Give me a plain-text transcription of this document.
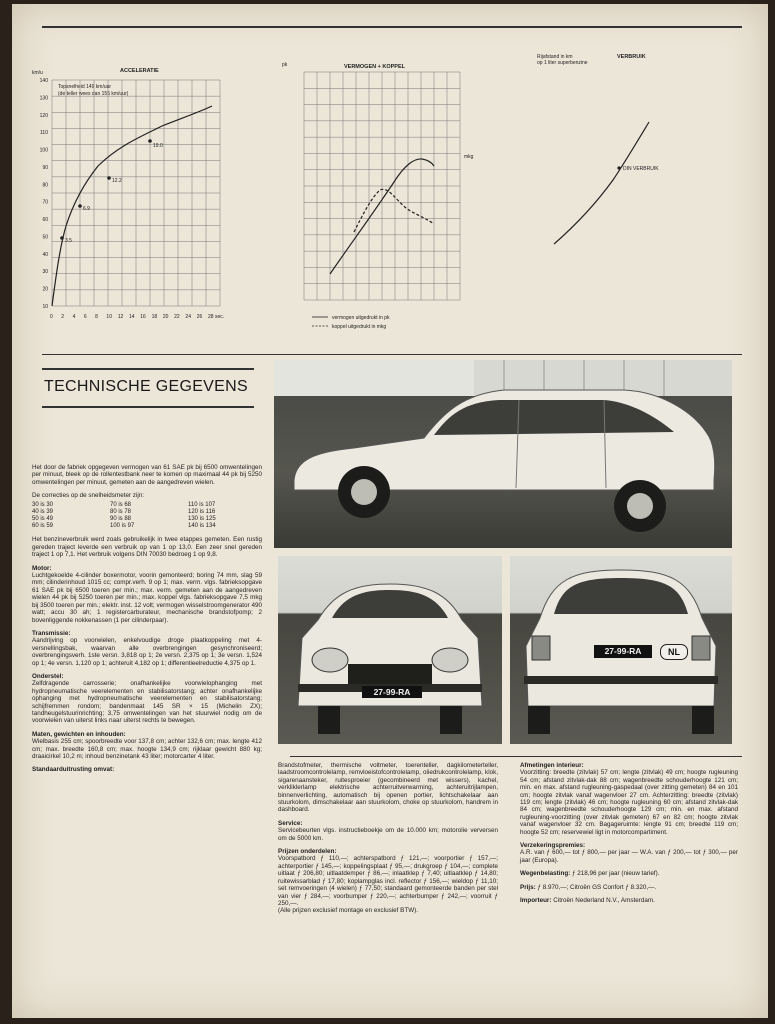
ACCELERATIE
km/u
Topsnelheid 149 km/uur
(de teller wees dan 155 km/uur)
140
130
120
110
100
90
80
70
60
50
40
30
20
10
0 2 4 6 8 10 12 14 16 18 20 22 24 26 28 sec.
3.5
6.9
12.2
19.0
VERMOGEN + KOPPEL
pk
mkg
vermogen uitgedrukt in pk
koppel uitgedrukt in mkg
Rijafstand in km
op 1 liter superbenzine
VERBRUIK
DIN VERBRUIK
TECHNISCHE GEGEVENS

Het door de fabriek opgegeven vermogen van 61 SAE pk bij 6500 omwentelingen per minuut, bleek op de rollentestbank neer te komen op maximaal 44 pk bij 5250 omwentelingen per minuut, gemeten aan de aangedreven wielen.

De correcties op de snelheidsmeter zijn:

30 is 30	70 is 68	110 is 107
40 is 39	80 is 78	120 is 116
50 is 49	90 is 88	130 is 125
60 is 59	100 is 97	140 is 134

Het benzineverbruik werd zoals gebruikelijk in twee etappes gemeten. Een rustig gereden traject leverde een verbruik op van 1 op 13,0. Een zeer snel gereden traject 1 op 7,1. Het verbruik volgens DIN 70030 bedroeg 1 op 9,8.

Motor:

Luchtgekoelde 4-cilinder boxermotor, voorin gemonteerd; boring 74 mm, slag 59 mm; cilinderinhoud 1015 cc; compr.verh. 9 op 1; max. verm. vlgs. fabrieksopgave 61 SAE pk bij 6500 toeren per min.; max. verm. gemeten aan de aangedreven wielen 44 pk bij 5250 toeren per min.; max. koppel vlgs. fabrieksopgave 7,5 mkg bij 3500 toeren per min.; elektr. inst. 12 volt; vermogen wisselstroomgenerator 490 watt; accu 30 ah; 1 registercarburateur, mechanische brandstofpomp; 2 bovenliggende nokkenassen (1 per cilinderpaar).

Transmissie:

Aandrijving op voorwielen, enkelvoudige droge plaatkoppeling met 4-versnellingsbak, waarvan alle overbrengingen gesynchroniseerd; overbrengingsverh. 1ste versn. 3,818 op 1; 2e versn. 2,375 op 1; 3e versn. 1,524 op 1; 4e versn. 1,120 op 1; achteruit 4,182 op 1; differentieelreductie 4,375 op 1.

Onderstel:

Zelfdragende carrosserie; onafhankelijke voorwielophanging met hydropneumatische veerelementen en stabilisatorstang; achter onafhankelijke ophanging met hydropneumatische veerelementen en stabilisatorstang; schijfremmen rondom; bandenmaat 145 SR × 15 (Michelin ZX); tandheugelstuurinrichting; 3,75 omwentelingen van het stuurwiel nodig om de voorwielen van uiterst links naar uiterst rechts te bewegen.

Maten, gewichten en inhouden:

Wielbasis 255 cm; spoorbreedte voor 137,8 cm; achter 132,6 cm; max. lengte 412 cm; max. breedte 160,8 cm; max. hoogte 134,9 cm; rijklaar gewicht 880 kg; draaicirkel 10,2 m; inhoud benzinetank 43 liter; motorcarter 4 liter.

Standaarduitrusting omvat:
27-99-RA
27-99-RA	NL

Brandstofmeter, thermische voltmeter, toerenteller, dagkilometerteller, laadstroomcontrolelamp, remvloeistofcontrolelamp, oliedrukcontrolelamp, klok, sigarenaansteker, ruitesproeier (gecombineerd met wissers), kachel, verkliklerlamp elektrische achterruitverwarming, achteruitrijlampen, binnenverlichting, automatisch bij openen portier, lichtschakelaar aan stuurkolom, dimschakelaar aan stuurkolom, choke op stuurkolom, handrem in dashboard.

Service:

Servicebeurten vlgs. instructieboekje om de 10.000 km; motorolie verversen om de 5000 km.

Prijzen onderdelen:

Voorspatbord ƒ 110,—; achterspatbord ƒ 121,—; voorportier ƒ 157,—; achterportier ƒ 145,—; koppelingsplaat ƒ 95,—; drukgroep ƒ 104,—; complete uitlaat ƒ 206,80; uitlaatdemper ƒ 86,—; inlaatklep ƒ 7,40; uitlaatklep ƒ 14,80; ruitewissarblad ƒ 17,80; koplampglas incl. reflector ƒ 156,—; wieldop ƒ 11,10; set remvoeringen (4 wielen) ƒ 77,50; standaard gemonteerde banden per stel van vier ƒ 284,—; voorbumper ƒ 220,—; achterbumper ƒ 242,—; voorruit ƒ 250,—.

(Alle prijzen exclusief montage en exclusief BTW).

Afmetingen interieur:

Voorzitting: breedte (zitvlak) 57 cm; lengte (zitvlak) 49 cm; hoogte rugleuning 54 cm; afstand zitvlak-dak 88 cm; wagenbreedte schouderhoogte 121 cm; min. en max. afstand rugleuning-gaspedaal (over zitting gemeten) 84 en 101 cm; hoogte zitvlak vanaf wagenvloer 27 cm. Achterzitting: breedte (zitvlak) 119 cm; lengte (zitvlak) 46 cm; hoogte rugleuning 60 cm; afstand zitvlak-dak 84 cm; wagenbreedte schouderhoogte 129 cm; min. en max. afstand rugleuning-voorzitting (over zitvlak gemeten) 67 en 82 cm; hoogte zitvlak vanaf wagenvloer 32 cm. Bagageruimte: lengte 91 cm; breedte 119 cm; hoogte 52 cm; reservewiel ligt in motorcompartiment.

Verzekeringspremies:

A.R. van ƒ 600,— tot ƒ 800,— per jaar — W.A. van ƒ 200,— tot ƒ 300,— per jaar (Europa).

Wegenbelasting: ƒ 218,96 per jaar (nieuw tarief).

Prijs: ƒ 8.970,—; Citroën GS Confort ƒ 8.320,—.

Importeur: Citroën Nederland N.V., Amsterdam.
